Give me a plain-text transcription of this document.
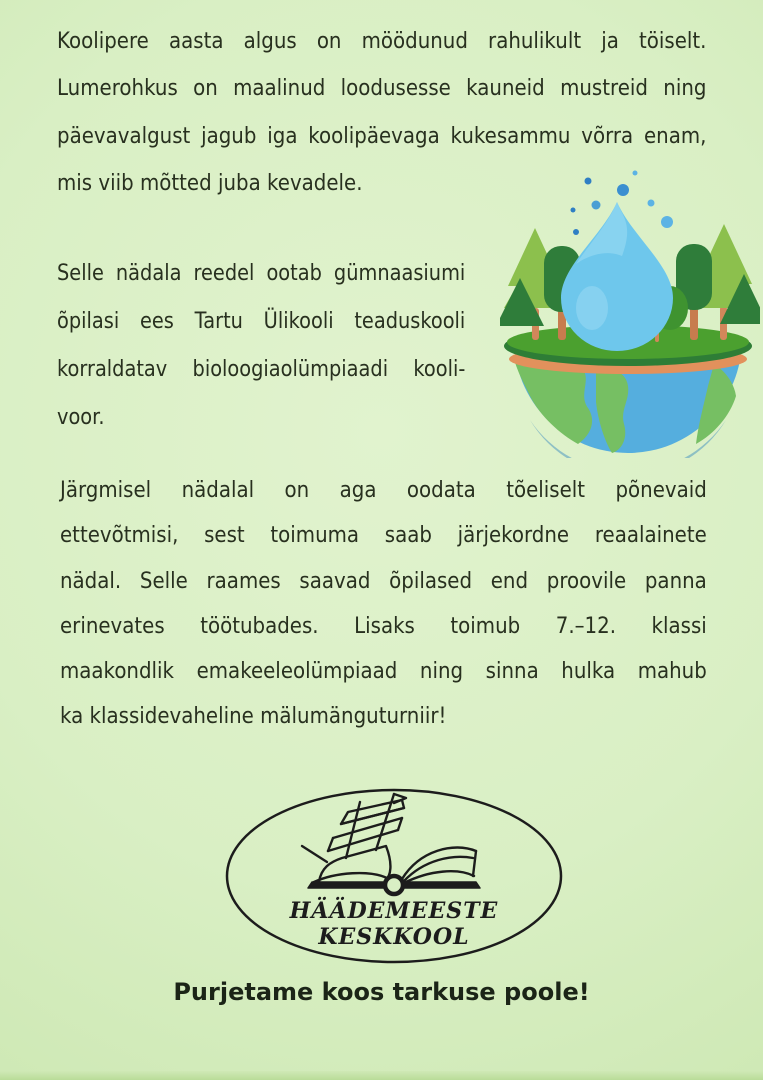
Koolipere aasta algus on möödunud rahulikult ja töiselt.
Lumerohkus on maalinud loodusesse kauneid mustreid ning
päevavalgust jagub iga koolipäevaga kukesammu võrra enam,
mis viib mõtted juba kevadele.
Selle nädala reedel ootab gümnaasiumi
õpilasi ees Tartu Ülikooli teaduskooli
korraldatav bioloogiaolümpiaadi kooli-
voor.
Järgmisel nädalal on aga oodata tõeliselt põnevaid
ettevõtmisi, sest toimuma saab järjekordne reaalainete
nädal. Selle raames saavad õpilased end proovile panna
erinevates töötubades. Lisaks toimub 7.–12. klassi
maakondlik emakeeleolümpiaad ning sinna hulka mahub
ka klassidevaheline mälumänguturniir!
HÄÄDEMEESTE KESKKOOL
Purjetame koos tarkuse poole!
